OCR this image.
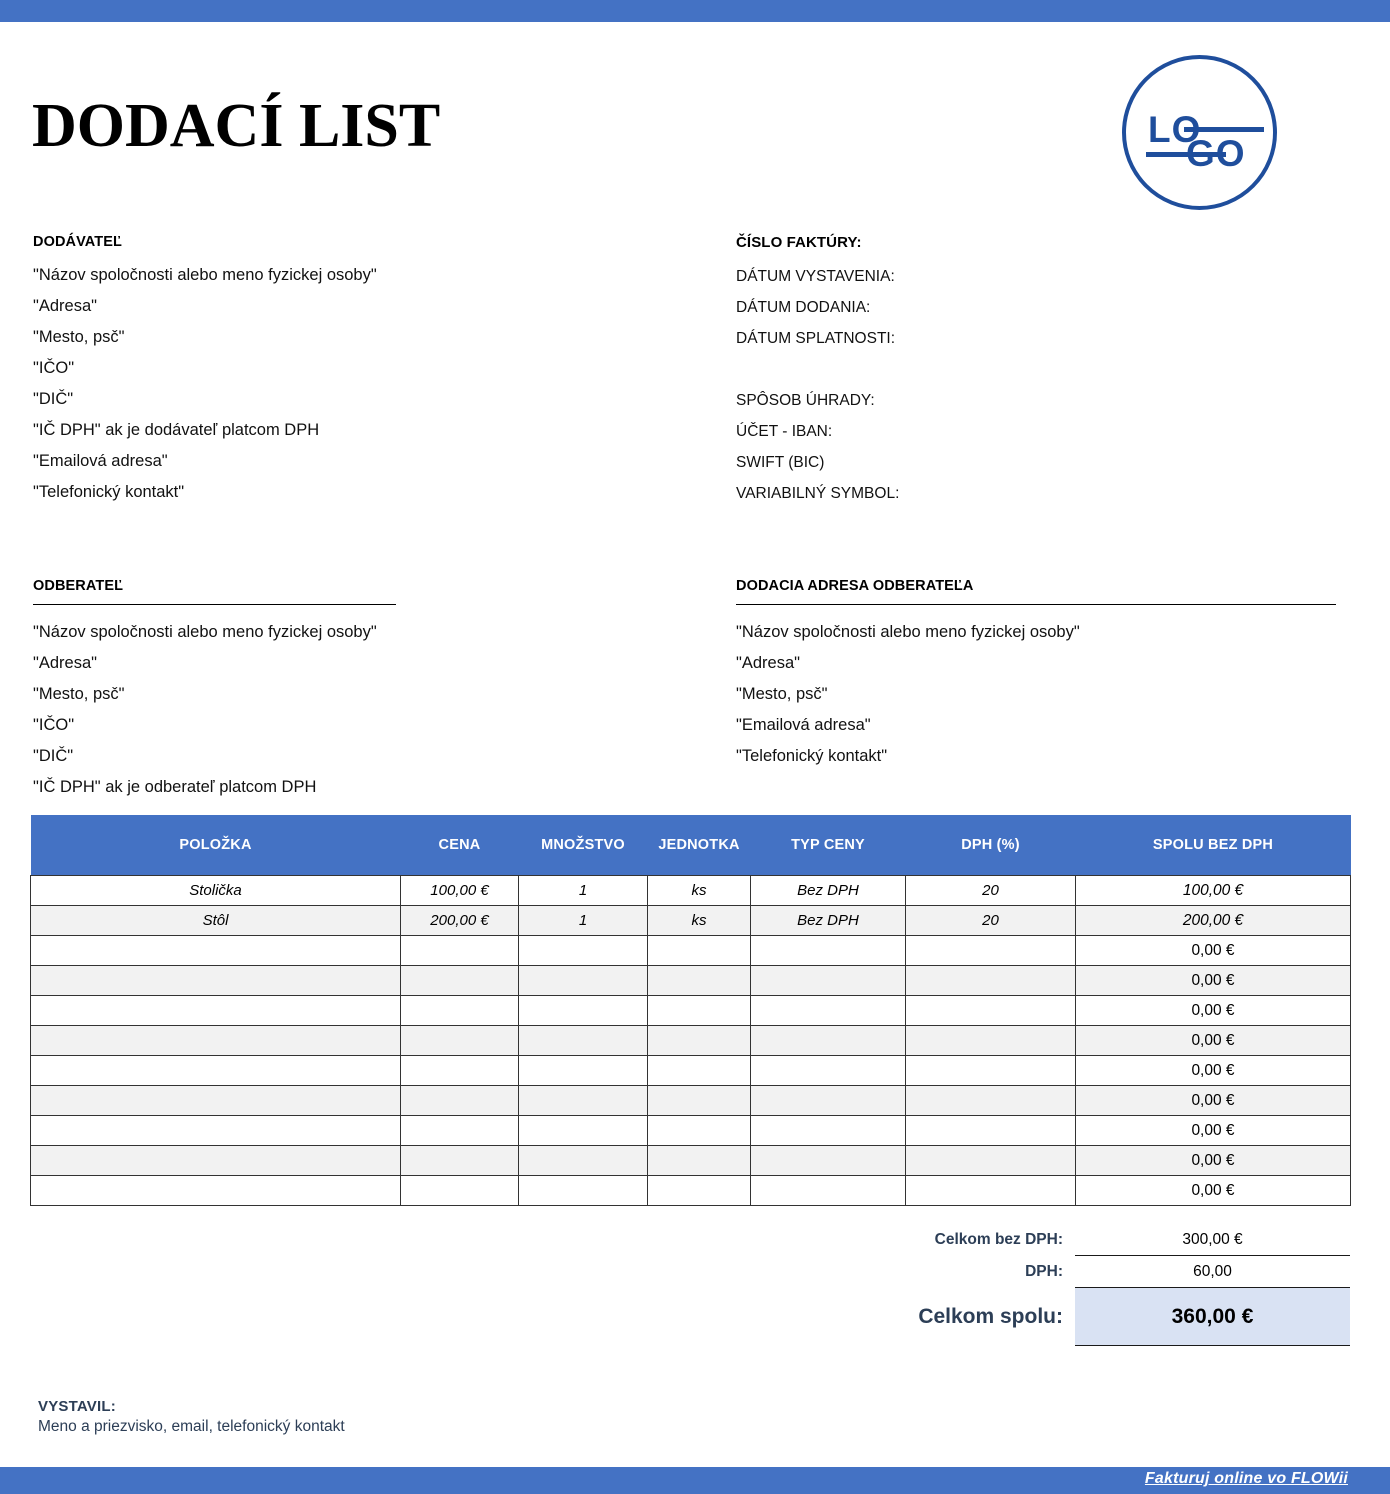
DODACÍ LIST	LO
GO
DODÁVATEĽ
"Názov spoločnosti alebo meno fyzickej osoby"
"Adresa"
"Mesto, psč"
"IČO"
"DIČ"
"IČ DPH" ak je dodávateľ platcom DPH
"Emailová adresa"
"Telefonický kontakt"
ČÍSLO FAKTÚRY:
DÁTUM VYSTAVENIA:
DÁTUM DODANIA:
DÁTUM SPLATNOSTI:
SPÔSOB ÚHRADY:
ÚČET - IBAN:
SWIFT (BIC)
VARIABILNÝ SYMBOL:
ODBERATEĽ
"Názov spoločnosti alebo meno fyzickej osoby"
"Adresa"
"Mesto, psč"
"IČO"
"DIČ"
"IČ DPH" ak je odberateľ platcom DPH
DODACIA ADRESA ODBERATEĽA
"Názov spoločnosti alebo meno fyzickej osoby"
"Adresa"
"Mesto, psč"
"Emailová adresa"
"Telefonický kontakt"
POLOŽKA	CENA	MNOŽSTVO	JEDNOTKA	TYP CENY	DPH (%)	SPOLU BEZ DPH
Stolička	100,00 €	1	ks	Bez DPH	20	100,00 €
Stôl	200,00 €	1	ks	Bez DPH	20	200,00 €
						0,00 €
						0,00 €
						0,00 €
						0,00 €
						0,00 €
						0,00 €
						0,00 €
						0,00 €
						0,00 €
Celkom bez DPH:	300,00 €
DPH:	60,00
Celkom spolu:	360,00 €
VYSTAVIL:
Meno a priezvisko, email, telefonický kontakt
Fakturuj online vo FLOWii
